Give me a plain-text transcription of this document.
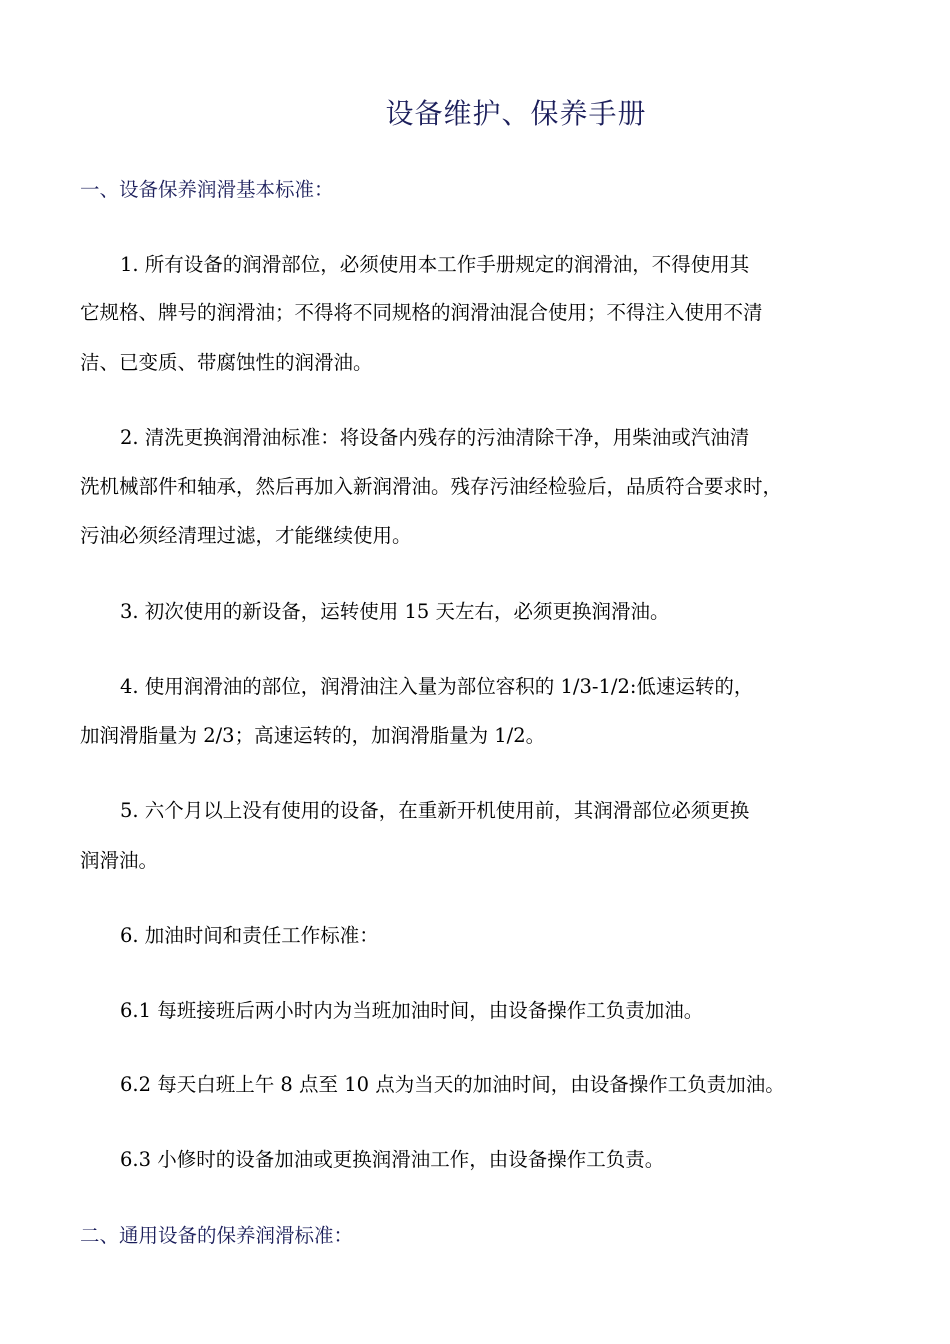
设备维护、保养手册
一、设备保养润滑基本标准：
1. 所有设备的润滑部位，必须使用本工作手册规定的润滑油，不得使用其
它规格、牌号的润滑油；不得将不同规格的润滑油混合使用；不得注入使用不清
洁、已变质、带腐蚀性的润滑油。
2. 清洗更换润滑油标准：将设备内残存的污油清除干净，用柴油或汽油清
洗机械部件和轴承，然后再加入新润滑油。残存污油经检验后，品质符合要求时，
污油必须经清理过滤，才能继续使用。
3. 初次使用的新设备，运转使用 15 天左右，必须更换润滑油。
4. 使用润滑油的部位，润滑油注入量为部位容积的 1/3-1/2:低速运转的，
加润滑脂量为 2/3；高速运转的，加润滑脂量为 1/2。
5. 六个月以上没有使用的设备，在重新开机使用前，其润滑部位必须更换
润滑油。
6. 加油时间和责任工作标准：
6.1 每班接班后两小时内为当班加油时间，由设备操作工负责加油。
6.2 每天白班上午 8 点至 10 点为当天的加油时间，由设备操作工负责加油。
6.3 小修时的设备加油或更换润滑油工作，由设备操作工负责。
二、通用设备的保养润滑标准：
